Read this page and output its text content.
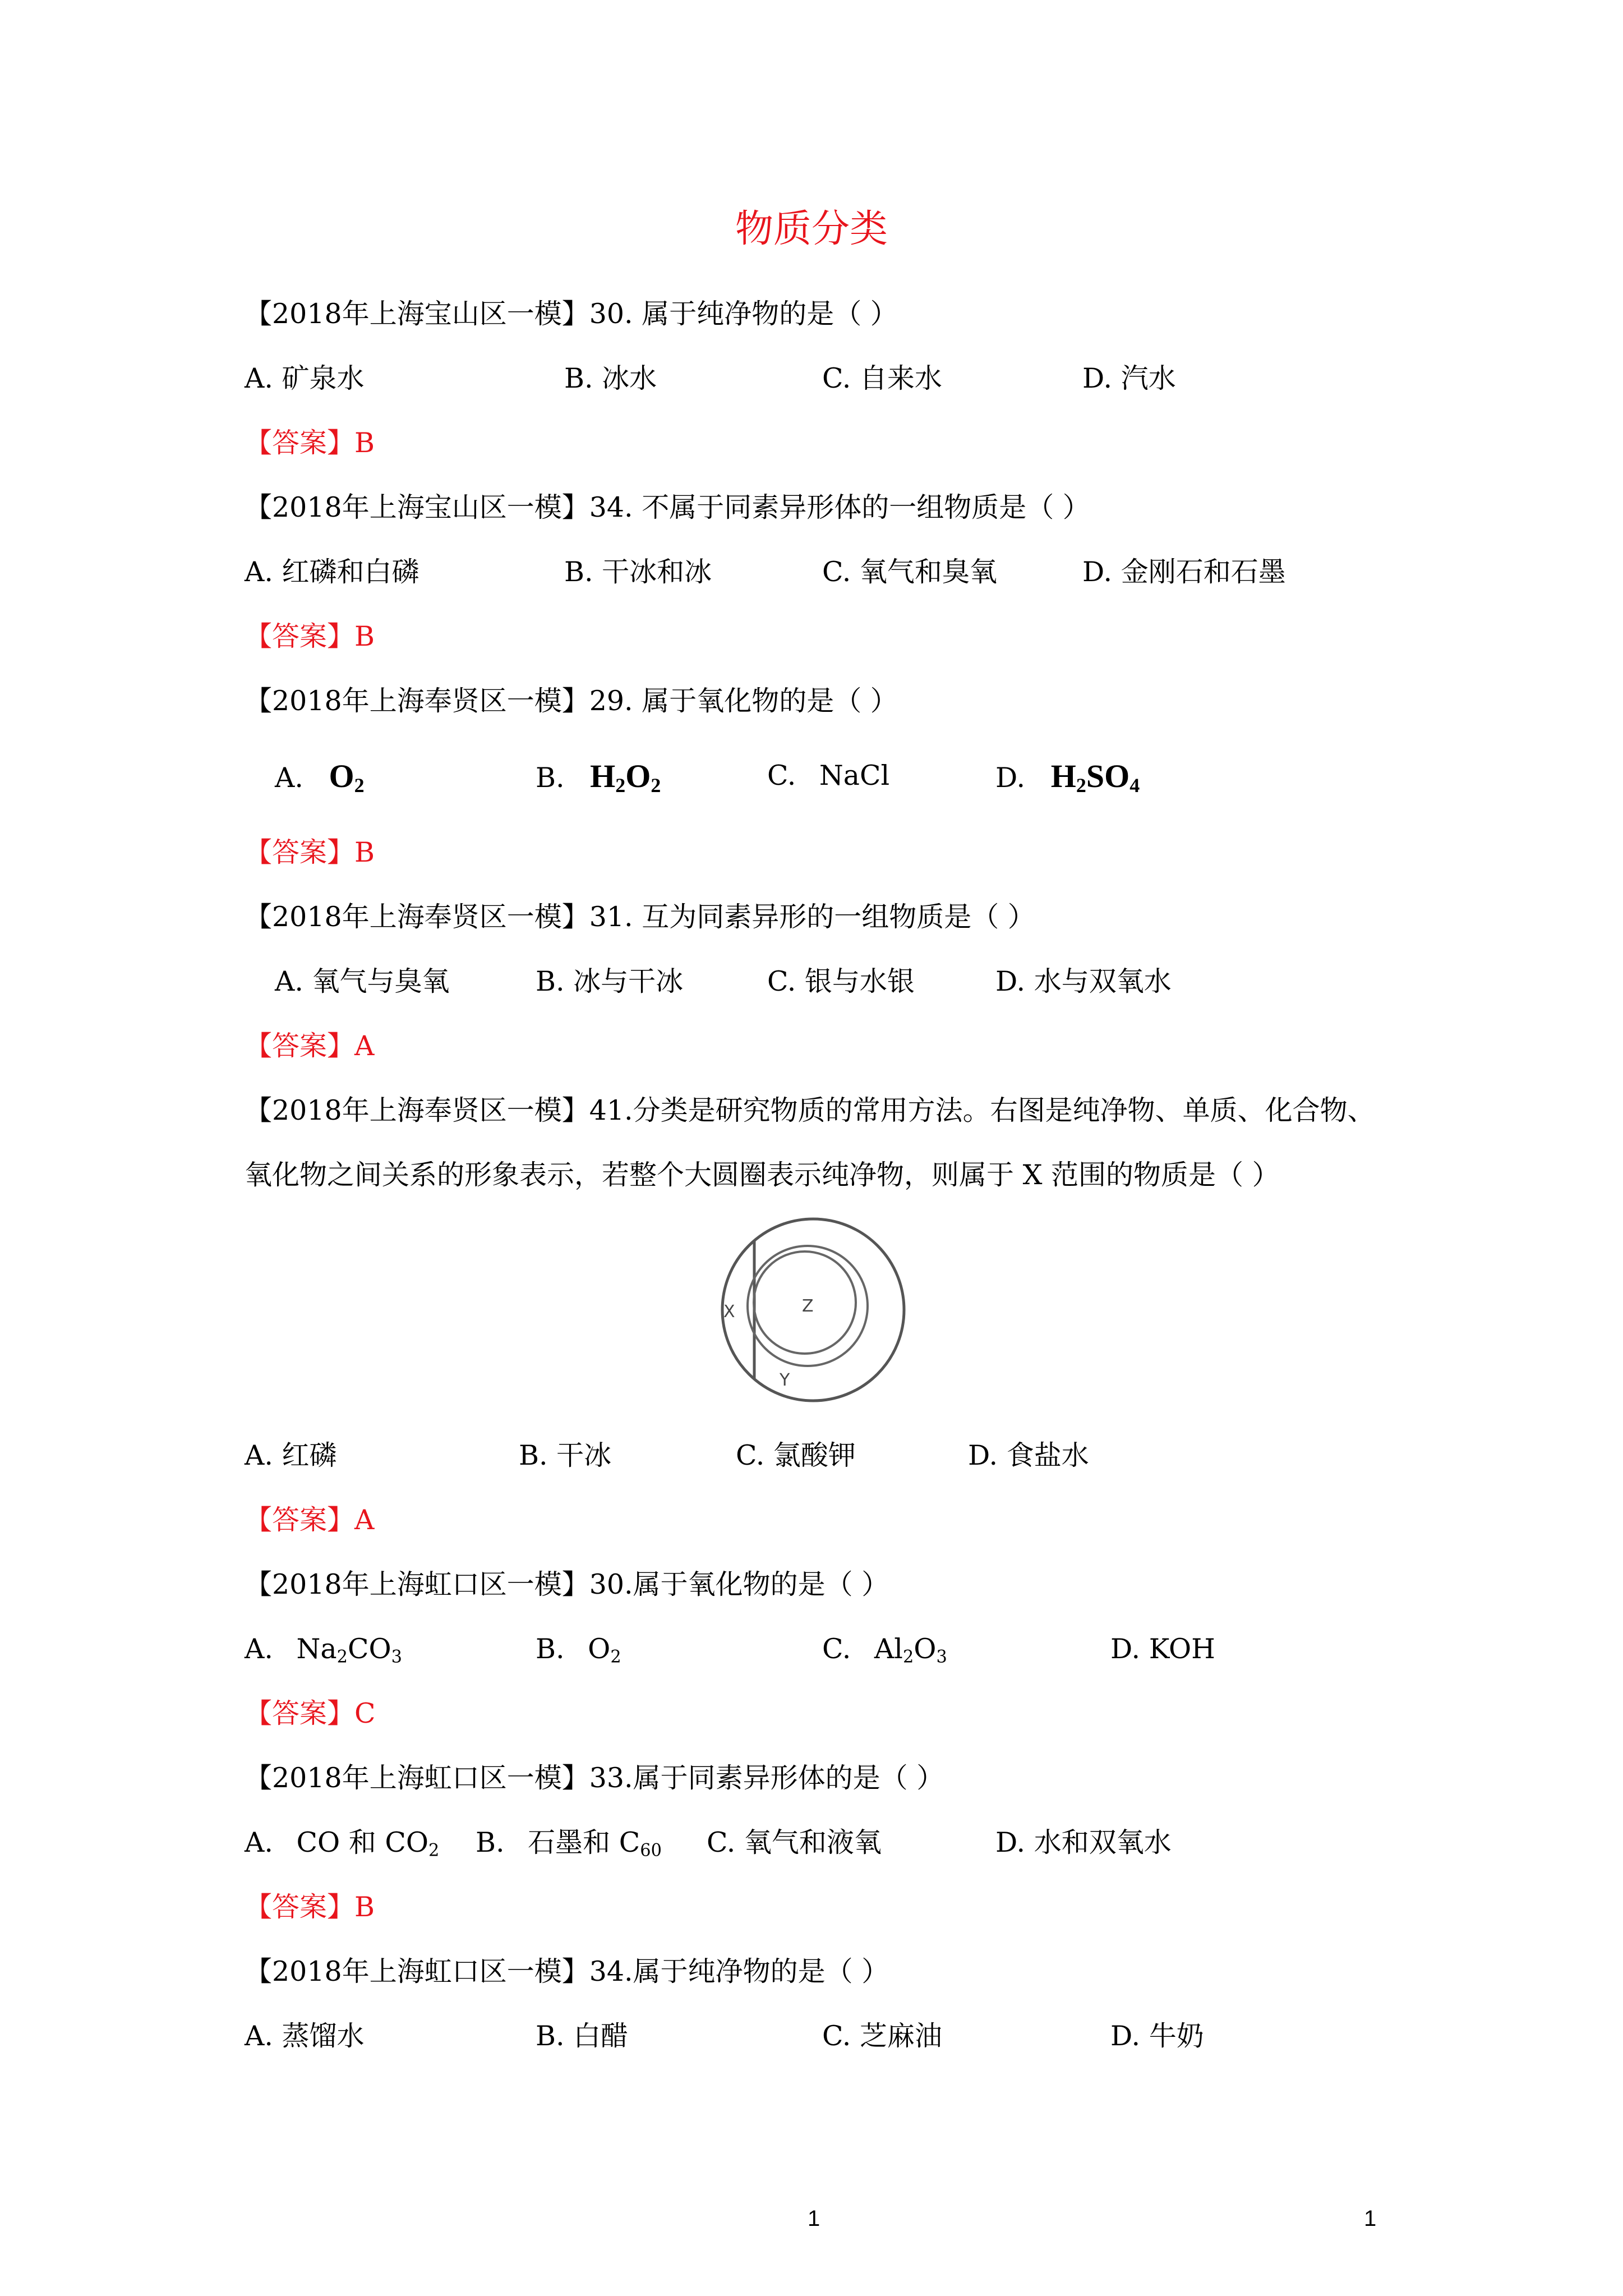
物质分类
【2018年上海宝山区一模】30. 属于纯净物的是（ ）
A. 矿泉水	B. 冰水	C. 自来水	D. 汽水
【答案】B
【2018年上海宝山区一模】34. 不属于同素异形体的一组物质是（ ）
A. 红磷和白磷	B. 干冰和冰	C. 氧气和臭氧	D. 金刚石和石墨
【答案】B
【2018年上海奉贤区一模】29. 属于氧化物的是（ ）
A. $O_2$	B. $H_2O_2$	C. NaCl	D. $H_2SO_4$
【答案】B
【2018年上海奉贤区一模】31. 互为同素异形的一组物质是（ ）
A. 氧气与臭氧	B. 冰与干冰	C. 银与水银	D. 水与双氧水
【答案】A
【2018年上海奉贤区一模】41.分类是研究物质的常用方法。右图是纯净物、单质、化合物、
氧化物之间关系的形象表示，若整个大圆圈表示纯净物，则属于 X 范围的物质是（ ）
X	Z
Y
A. 红磷	B. 干冰	C. 氯酸钾	D. 食盐水
【答案】A
【2018年上海虹口区一模】30.属于氧化物的是（ ）
A. $Na_2CO_3$	B. $O_2$	C. $Al_2O_3$	D. KOH
【答案】C
【2018年上海虹口区一模】33.属于同素异形体的是（ ）
A. CO 和 $CO_2$ B. 石墨和 $C_{60}$ C. 氧气和液氧	D. 水和双氧水
【答案】B
【2018年上海虹口区一模】34.属于纯净物的是（ ）
A. 蒸馏水	B. 白醋	C. 芝麻油	D. 牛奶
1	1
